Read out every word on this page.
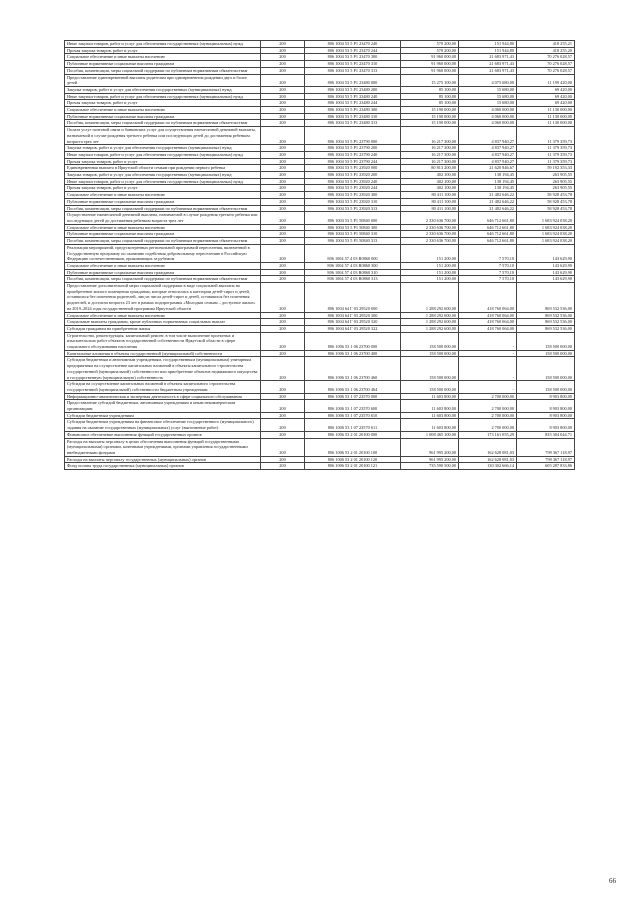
Иные закупки товаров, работ и услуг для обеспечения государственных (муниципальных) нужд	200	806 1004 53 5 P1 23470 240	570 200,00	151 944,80	418 255,21
Прочая закупка товаров, работ и услуг	200	806 1004 53 5 P1 23470 244	570 200,00	151 944,80	418 255,20
Социальное обеспечение и иные выплаты населению	200	806 1004 53 5 P1 23470 300	91 960 000,00	21 683 971,43	70 276 028,57
Публичные нормативные социальные выплаты гражданам	200	806 1004 53 5 P1 23470 310	91 960 000,00	21 683 971,43	70 276 028,57
Пособия, компенсации, меры социальной поддержки по публичным нормативным обязательствам	200	806 1004 53 5 P1 23470 313	91 960 000,00	21 683 971,43	70 276 028,57
Предоставление единовременной выплаты родителям при одновременном рождении двух и более детей	200	806 1004 53 5 P1 23480 000	15 275 100,00	4 075 680,00	11 199 420,00
Закупка товаров, работ и услуг для обеспечения государственных (муниципальных) нужд	200	806 1004 53 5 P1 23480 200	85 100,00	15 680,00	69 420,00
Иные закупки товаров, работ и услуг для обеспечения государственных (муниципальных) нужд	200	806 1004 53 5 P1 23480 240	85 100,00	15 680,00	69 420,00
Прочая закупка товаров, работ и услуг	200	806 1004 53 5 P1 23480 244	85 100,00	15 680,00	69 420,00
Социальное обеспечение и иные выплаты населению	200	806 1004 53 5 P1 23480 300	15 190 000,00	4 060 000,00	11 130 000,00
Публичные нормативные социальные выплаты гражданам	200	806 1004 53 5 P1 23480 310	15 190 000,00	4 060 000,00	11 130 000,00
Пособия, компенсации, меры социальной поддержки по публичным нормативным обязательствам	200	806 1004 53 5 P1 23480 313	15 190 000,00	4 060 000,00	11 130 000,00
Оплата услуг почтовой связи и банковских услуг для осуществления ежемесячной денежной выплаты, назначаемой в случае рождения третьего ребенка или последующих детей до достижения ребенком возраста трех лет	200	806 1004 53 5 P1 23790 000	16 217 300,00	4 837 940,27	11 379 359,73
Закупка товаров, работ и услуг для обеспечения государственных (муниципальных) нужд	200	806 1004 53 5 P1 23790 200	16 217 300,00	4 837 940,27	11 379 359,73
Иные закупки товаров, работ и услуг для обеспечения государственных (муниципальных) нужд	200	806 1004 53 5 P1 23790 240	16 217 300,00	4 837 940,27	11 379 359,73
Прочая закупка товаров, работ и услуг	200	806 1004 53 5 P1 23790 244	16 217 300,00	4 837 940,27	11 379 359,73
Единовременная выплата в Иркутской области семьям при рождении первого ребенка	200	806 1004 53 5 P1 23920 000	80 813 200,00	21 620 846,67	59 192 353,33
Закупка товаров, работ и услуг для обеспечения государственных (муниципальных) нужд	200	806 1004 53 5 P1 23920 200	402 100,00	138 194,45	263 905,55
Иные закупки товаров, работ и услуг для обеспечения государственных (муниципальных) нужд	200	806 1004 53 5 P1 23920 240	402 100,00	138 194,45	263 905,55
Прочая закупка товаров, работ и услуг	200	806 1004 53 5 P1 23920 244	402 100,00	138 194,45	263 905,55
Социальное обеспечение и иные выплаты населению	200	806 1004 53 5 P1 23920 300	80 411 100,00	21 482 646,22	58 928 453,78
Публичные нормативные социальные выплаты гражданам	200	806 1004 53 5 P1 23920 310	80 411 100,00	21 482 646,22	58 928 453,78
Пособия, компенсации, меры социальной поддержки по публичным нормативным обязательствам	200	806 1004 53 5 P1 23920 313	80 411 100,00	21 482 646,22	58 928 453,78
Осуществление ежемесячной денежной выплаты, назначаемой в случае рождения третьего ребенка или последующих детей до достижения ребенком возраста трех лет	200	806 1004 53 5 P1 50840 000	2 330 636 700,00	646 712 661,80	1 683 924 038,20
Социальное обеспечение и иные выплаты населению	200	806 1004 53 5 P1 50840 300	2 330 636 700,00	646 712 661,80	1 683 924 038,20
Публичные нормативные социальные выплаты гражданам	200	806 1004 53 5 P1 50840 310	2 330 636 700,00	646 712 661,80	1 683 924 038,20
Пособия, компенсации, меры социальной поддержки по публичным нормативным обязательствам	200	806 1004 53 5 P1 50840 313	2 330 636 700,00	646 712 661,80	1 683 924 038,20
Реализация мероприятий, предусмотренных региональной программой переселения, включенной в Государственную программу по оказанию содействия добровольному переселению в Российскую Федерацию соотечественников, проживающих за рубежом	200	806 1004 57 4 03 R0860 000	151 200,00	7 570,10	143 629,90
Социальное обеспечение и иные выплаты населению	200	806 1004 57 4 03 R0860 300	151 200,00	7 570,10	143 629,90
Публичные нормативные социальные выплаты гражданам	200	806 1004 57 4 03 R0860 310	151 200,00	7 570,10	143 629,90
Пособия, компенсации, меры социальной поддержки по публичным нормативным обязательствам	200	806 1004 57 4 03 R0860 313	151 200,00	7 570,10	143 629,90
Предоставление дополнительной меры социальной поддержки в виде социальной выплаты на приобретение жилого помещения гражданам, которые относились к категории детей-сирот и детей, оставшихся без попечения родителей, лиц из числа детей-сирот и детей, оставшихся без попечения родителей, и достигли возраста 23 лет в рамках подпрограммы «Молодым семьям – доступное жилье» на 2019–2024 годы государственной программы Иркутской области	200	806 1004 64 Г 03 29520 000	1 288 292 600,00	418 760 064,00	869 532 536,00
Социальное обеспечение и иные выплаты населению	200	806 1004 64 Г 03 29520 300	1 288 292 600,00	418 760 064,00	869 532 536,00
Социальные выплаты гражданам, кроме публичных нормативных социальных выплат	200	806 1004 64 Г 03 29520 320	1 288 292 600,00	418 760 064,00	869 532 536,00
Субсидии гражданам на приобретение жилья	200	806 1004 64 Г 03 29520 322	1 288 292 600,00	418 760 064,00	869 532 536,00
Строительство, реконструкция, капитальный ремонт, в том числе выполнение проектных и изыскательских работ объектов государственной собственности Иркутской области в сфере социального обслуживания населения	200	806 1006 53 1 06 23700 000	158 500 000,00	-	158 500 000,00
Капитальные вложения в объекты государственной (муниципальной) собственности	200	806 1006 53 1 06 23700 400	158 500 000,00	-	158 500 000,00
Субсидии бюджетным и автономным учреждениям, государственным (муниципальным) унитарным предприятиям на осуществление капитальных вложений в объекты капитального строительства государственной (муниципальной) собственности или приобретение объектов недвижимого имущества в государственную (муниципальную) собственность	200	806 1006 53 1 06 23700 460	158 500 000,00	-	158 500 000,00
Субсидии на осуществление капитальных вложений в объекты капитального строительства государственной (муниципальной) собственности бюджетным учреждениям	200	806 1006 53 1 06 23700 464	158 500 000,00	-	158 500 000,00
Информационно-аналитическая и экспертная деятельность в сфере социального обслуживания	200	806 1006 53 1 07 23570 000	11 603 800,00	2 700 000,00	8 903 800,00
Предоставление субсидий бюджетным, автономным учреждениям и иным некоммерческим организациям	200	806 1006 53 1 07 23570 600	11 603 800,00	2 700 000,00	8 903 800,00
Субсидии бюджетным учреждениям	200	806 1006 53 1 07 23570 610	11 603 800,00	2 700 000,00	8 903 800,00
Субсидии бюджетным учреждениям на финансовое обеспечение государственного (муниципального) задания на оказание государственных (муниципальных) услуг (выполнение работ)	200	806 1006 53 1 07 23570 611	11 603 800,00	2 700 000,00	8 903 800,00
Финансовое обеспечение выполнения функций государственных органов	200	806 1006 53 2 01 20100 000	1 008 465 100,00	173 161 055,29	835 304 044,71
Расходы на выплаты персоналу в целях обеспечения выполнения функций государственными (муниципальными) органами, казенными учреждениями, органами управления государственными внебюджетными фондами	200	806 1006 53 2 01 20100 100	961 995 200,00	162 628 081,03	799 367 118,97
Расходы на выплаты персоналу государственных (муниципальных) органов	200	806 1006 53 2 01 20100 120	961 995 200,00	162 628 081,03	799 367 118,97
Фонд оплаты труда государственных (муниципальных) органов	200	806 1006 53 2 01 20100 121	735 590 500,00	130 302 666,14	605 287 833,86
66
